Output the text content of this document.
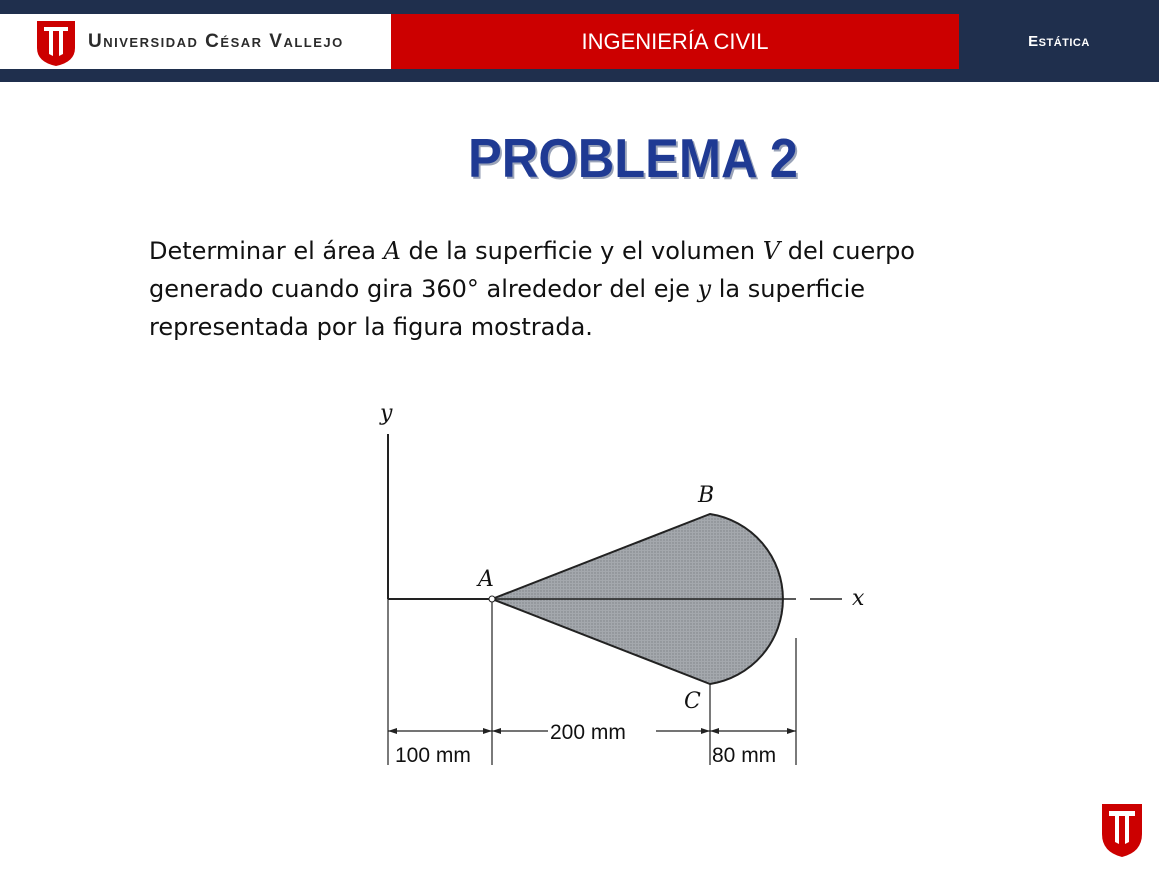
Universidad César Vallejo	INGENIERÍA CIVIL	Estática
PROBLEMA 2
Determinar el área A de la superficie y el volumen V del cuerpo generado cuando gira 360° alrededor del eje y la superficie representada por la figura mostrada.
y
x
A
B
C
100 mm
200 mm
80 mm
